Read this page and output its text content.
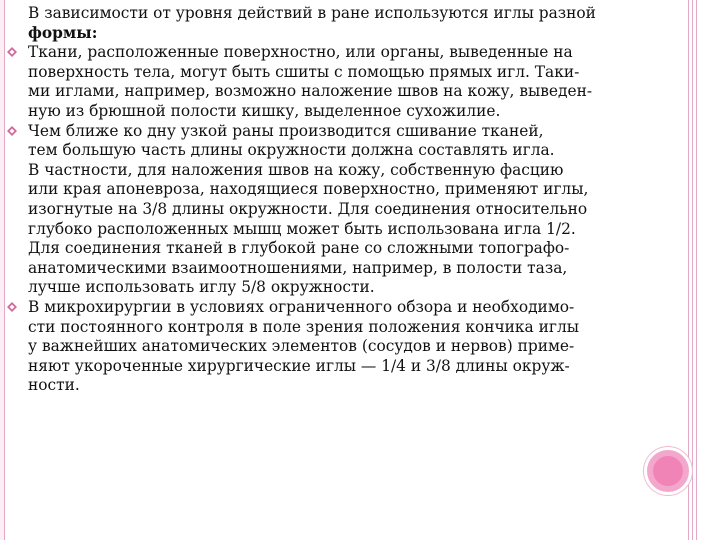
В зависимости от уровня действий в ране используются иглы разной
формы:
Ткани, расположенные поверхностно, или органы, выведенные на
поверхность тела, могут быть сшиты с помощью прямых игл. Таки-
ми иглами, например, возможно наложение швов на кожу, выведен-
ную из брюшной полости кишку, выделенное сухожилие.
Чем ближе ко дну узкой раны производится сшивание тканей,
тем большую часть длины окружности должна составлять игла.
В частности, для наложения швов на кожу, собственную фасцию
или края апоневроза, находящиеся поверхностно, применяют иглы,
изогнутые на 3/8 длины окружности. Для соединения относительно
глубоко расположенных мышц может быть использована игла 1/2.
Для соединения тканей в глубокой ране со сложными топографо-
анатомическими взаимоотношениями, например, в полости таза,
лучше использовать иглу 5/8 окружности.
В микрохирургии в условиях ограниченного обзора и необходимо-
сти постоянного контроля в поле зрения положения кончика иглы
у важнейших анатомических элементов (сосудов и нервов) приме-
няют укороченные хирургические иглы — 1/4 и 3/8 длины окруж-
ности.
